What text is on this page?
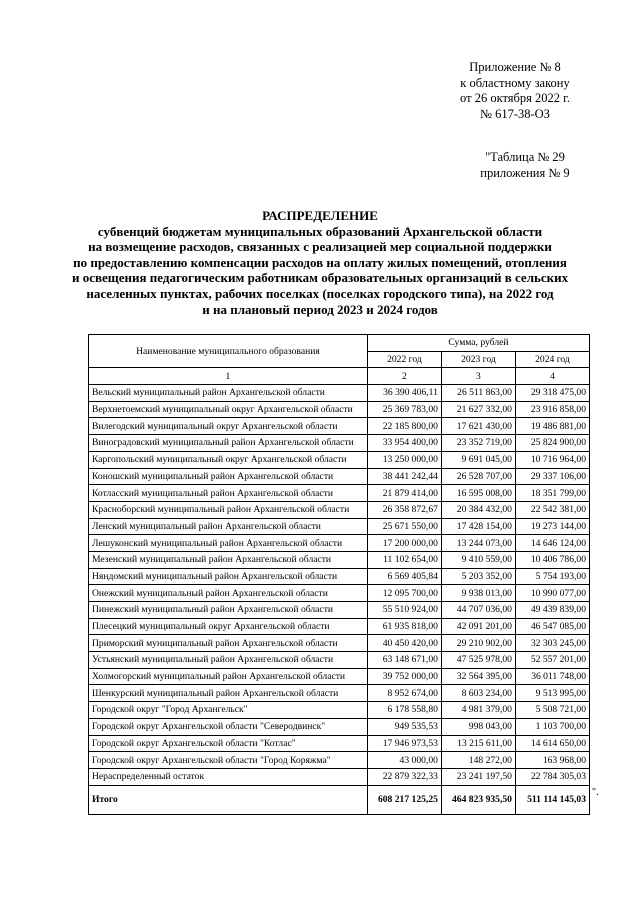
Приложение № 8
к областному закону
от 26 октября 2022 г.
№ 617-38-ОЗ
"Таблица № 29
приложения № 9
РАСПРЕДЕЛЕНИЕ
субвенций бюджетам муниципальных образований Архангельской области
на возмещение расходов, связанных с реализацией мер социальной поддержки
по предоставлению компенсации расходов на оплату жилых помещений, отопления
и освещения педагогическим работникам образовательных организаций в сельских
населенных пунктах, рабочих поселках (поселках городского типа), на 2022 год
и на плановый период 2023 и 2024 годов
Наименование муниципального образования	Сумма, рублей		
	2022 год	2023 год	2024 год
1	2	3	4
Вельский муниципальный район Архангельской области	36 390 406,11	26 511 863,00	29 318 475,00
Верхнетоемский муниципальный округ Архангельской области	25 369 783,00	21 627 332,00	23 916 858,00
Вилегодский муниципальный округ Архангельской области	22 185 800,00	17 621 430,00	19 486 881,00
Виноградовский муниципальный район Архангельской области	33 954 400,00	23 352 719,00	25 824 900,00
Каргопольский муниципальный округ Архангельской области	13 250 000,00	9 691 045,00	10 716 964,00
Коношский муниципальный район Архангельской области	38 441 242,44	26 528 707,00	29 337 106,00
Котласский муниципальный район Архангельской области	21 879 414,00	16 595 008,00	18 351 799,00
Красноборский муниципальный район Архангельской области	26 358 872,67	20 384 432,00	22 542 381,00
Ленский муниципальный район Архангельской области	25 671 550,00	17 428 154,00	19 273 144,00
Лешуконский муниципальный район Архангельской области	17 200 000,00	13 244 073,00	14 646 124,00
Мезенский муниципальный район Архангельской области	11 102 654,00	9 410 559,00	10 406 786,00
Няндомский муниципальный район Архангельской области	6 569 405,84	5 203 352,00	5 754 193,00
Онежский муниципальный район Архангельской области	12 095 700,00	9 938 013,00	10 990 077,00
Пинежский муниципальный район Архангельской области	55 510 924,00	44 707 036,00	49 439 839,00
Плесецкий муниципальный округ Архангельской области	61 935 818,00	42 091 201,00	46 547 085,00
Приморский муниципальный район Архангельской области	40 450 420,00	29 210 902,00	32 303 245,00
Устьянский муниципальный район Архангельской области	63 148 671,00	47 525 978,00	52 557 201,00
Холмогорский муниципальный район Архангельской области	39 752 000,00	32 564 395,00	36 011 748,00
Шенкурский муниципальный район Архангельской области	8 952 674,00	8 603 234,00	9 513 995,00
Городской округ "Город Архангельск"	6 178 558,80	4 981 379,00	5 508 721,00
Городской округ Архангельской области "Северодвинск"	949 535,53	998 043,00	1 103 700,00
Городской округ Архангельской области "Котлас"	17 946 973,53	13 215 611,00	14 614 650,00
Городской округ Архангельской области "Город Коряжма"	43 000,00	148 272,00	163 968,00
Нераспределенный остаток	22 879 322,33	23 241 197,50	22 784 305,03
Итого	608 217 125,25	464 823 935,50	511 114 145,03
".
